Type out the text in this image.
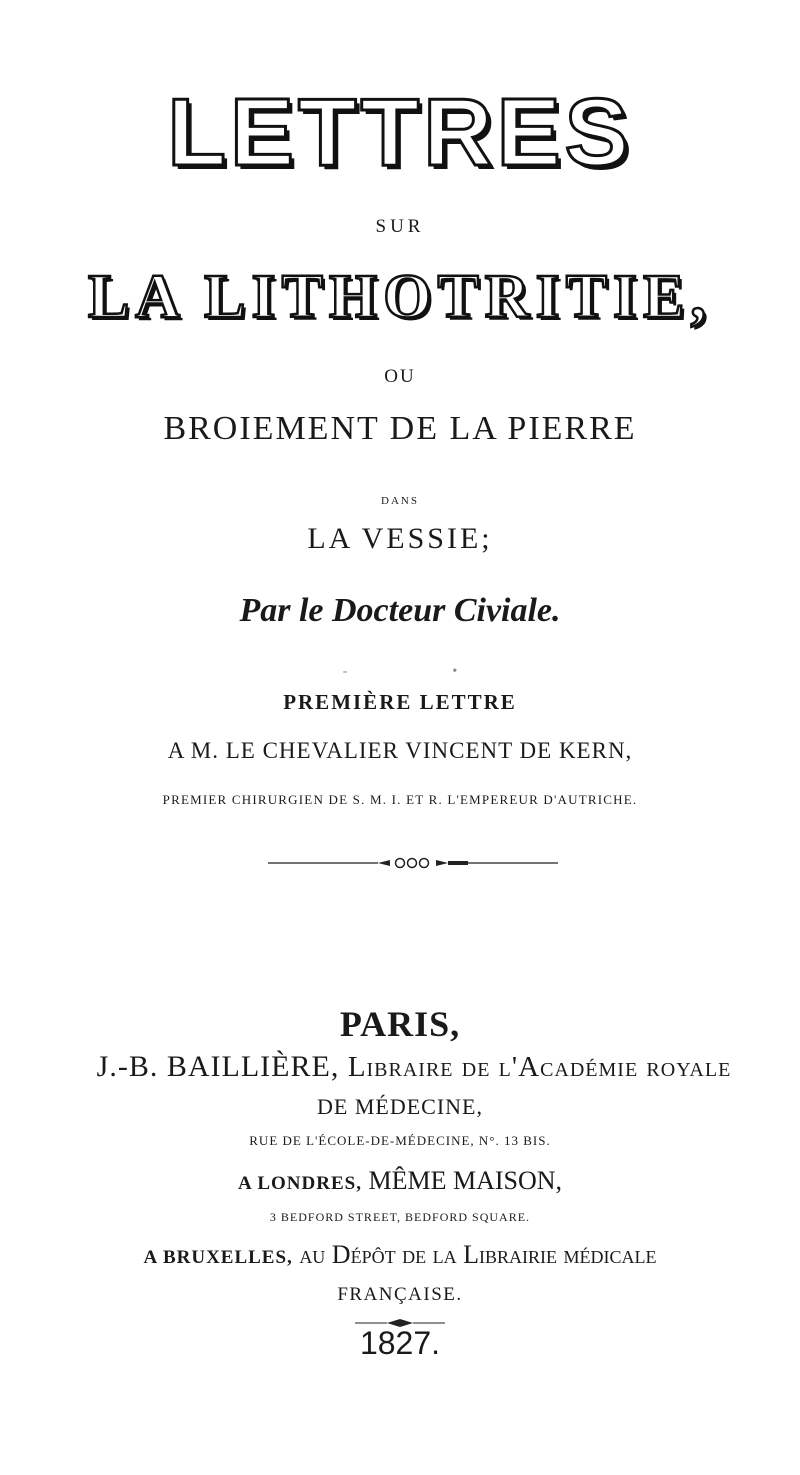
LETTRES
SUR
LA LITHOTRITIE,
OU
BROIEMENT DE LA PIERRE
DANS
LA VESSIE;
Par le Docteur Civiale.
-                              •
PREMIÈRE LETTRE
A M. LE CHEVALIER VINCENT DE KERN,
PREMIER CHIRURGIEN DE S. M. I. ET R. L'EMPEREUR D'AUTRICHE.
PARIS,
J.-B. BAILLIÈRE, Libraire de l'Académie royale
DE MÉDECINE,
RUE DE L'ÉCOLE-DE-MÉDECINE, N°. 13 BIS.
A LONDRES, MÊME MAISON,
3 BEDFORD STREET, BEDFORD SQUARE.
A BRUXELLES, au Dépôt de la Librairie médicale
FRANÇAISE.
1827.
